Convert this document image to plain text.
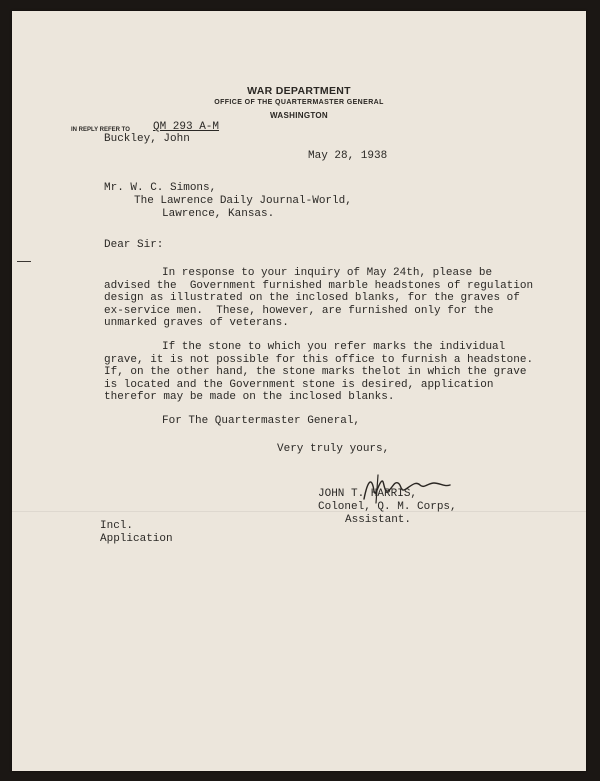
WAR DEPARTMENT
OFFICE OF THE QUARTERMASTER GENERAL
WASHINGTON
IN REPLY REFER TO QM 293 A-M
Buckley, John
May 28, 1938
Mr. W. C. Simons,
The Lawrence Daily Journal-World,
Lawrence, Kansas.
Dear Sir:
In response to your inquiry of May 24th, please be
advised the  Government furnished marble headstones of regulation
design as illustrated on the inclosed blanks, for the graves of
ex-service men.  These, however, are furnished only for the
unmarked graves of veterans.
If the stone to which you refer marks the individual
grave, it is not possible for this office to furnish a headstone.
If, on the other hand, the stone marks thelot in which the grave
is located and the Government stone is desired, application
therefor may be made on the inclosed blanks.
For The Quartermaster General,
Very truly yours,
JOHN T. HARRIS,
Colonel, Q. M. Corps,
Assistant.
Incl.
Application
